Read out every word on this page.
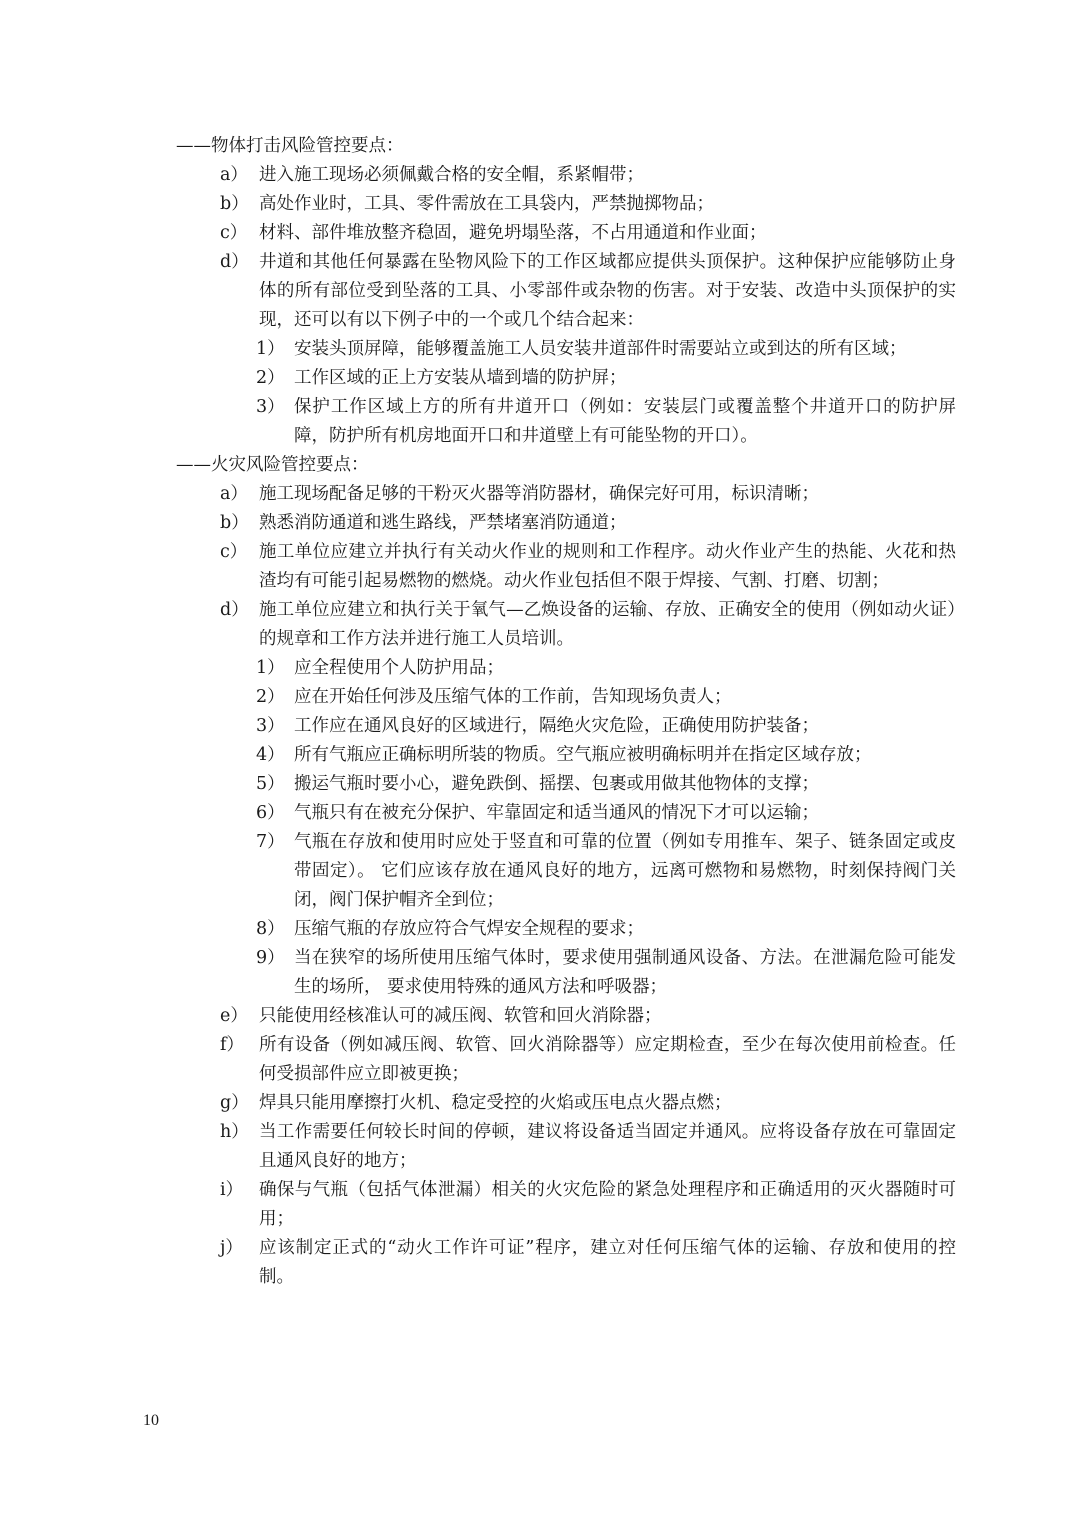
——物体打击风险管控要点：

a） 进入施工现场必须佩戴合格的安全帽，系紧帽带；
b） 高处作业时，工具、零件需放在工具袋内，严禁抛掷物品；
c） 材料、部件堆放整齐稳固，避免坍塌坠落，不占用通道和作业面；
d） 井道和其他任何暴露在坠物风险下的工作区域都应提供头顶保护。这种保护应能够防止身体的所有部位受到坠落的工具、小零部件或杂物的伤害。对于安装、改造中头顶保护的实现，还可以有以下例子中的一个或几个结合起来：
1） 安装头顶屏障，能够覆盖施工人员安装井道部件时需要站立或到达的所有区域；
2） 工作区域的正上方安装从墙到墙的防护屏；
3） 保护工作区域上方的所有井道开口（例如：安装层门或覆盖整个井道开口的防护屏障，防护所有机房地面开口和井道壁上有可能坠物的开口）。

——火灾风险管控要点：

a） 施工现场配备足够的干粉灭火器等消防器材，确保完好可用，标识清晰；
b） 熟悉消防通道和逃生路线，严禁堵塞消防通道；
c） 施工单位应建立并执行有关动火作业的规则和工作程序。动火作业产生的热能、火花和热渣均有可能引起易燃物的燃烧。动火作业包括但不限于焊接、气割、打磨、切割；
d） 施工单位应建立和执行关于氧气—乙焕设备的运输、存放、正确安全的使用（例如动火证）的规章和工作方法并进行施工人员培训。
1） 应全程使用个人防护用品；
2） 应在开始任何涉及压缩气体的工作前，告知现场负责人；
3） 工作应在通风良好的区域进行，隔绝火灾危险，正确使用防护装备；
4） 所有气瓶应正确标明所装的物质。空气瓶应被明确标明并在指定区域存放；
5） 搬运气瓶时要小心，避免跌倒、摇摆、包裹或用做其他物体的支撑；
6） 气瓶只有在被充分保护、牢靠固定和适当通风的情况下才可以运输；
7） 气瓶在存放和使用时应处于竖直和可靠的位置（例如专用推车、架子、链条固定或皮带固定）。 它们应该存放在通风良好的地方，远离可燃物和易燃物，时刻保持阀门关闭，阀门保护帽齐全到位；
8） 压缩气瓶的存放应符合气焊安全规程的要求；
9） 当在狭窄的场所使用压缩气体时，要求使用强制通风设备、方法。在泄漏危险可能发生的场所， 要求使用特殊的通风方法和呼吸器；
e） 只能使用经核准认可的减压阀、软管和回火消除器；
f） 所有设备（例如减压阀、软管、回火消除器等）应定期检查，至少在每次使用前检查。任何受损部件应立即被更换；
g） 焊具只能用摩擦打火机、稳定受控的火焰或压电点火器点燃；
h） 当工作需要任何较长时间的停顿，建议将设备适当固定并通风。应将设备存放在可靠固定且通风良好的地方；
i） 确保与气瓶（包括气体泄漏）相关的火灾危险的紧急处理程序和正确适用的灭火器随时可用；
j） 应该制定正式的“动火工作许可证”程序，建立对任何压缩气体的运输、存放和使用的控制。
10
